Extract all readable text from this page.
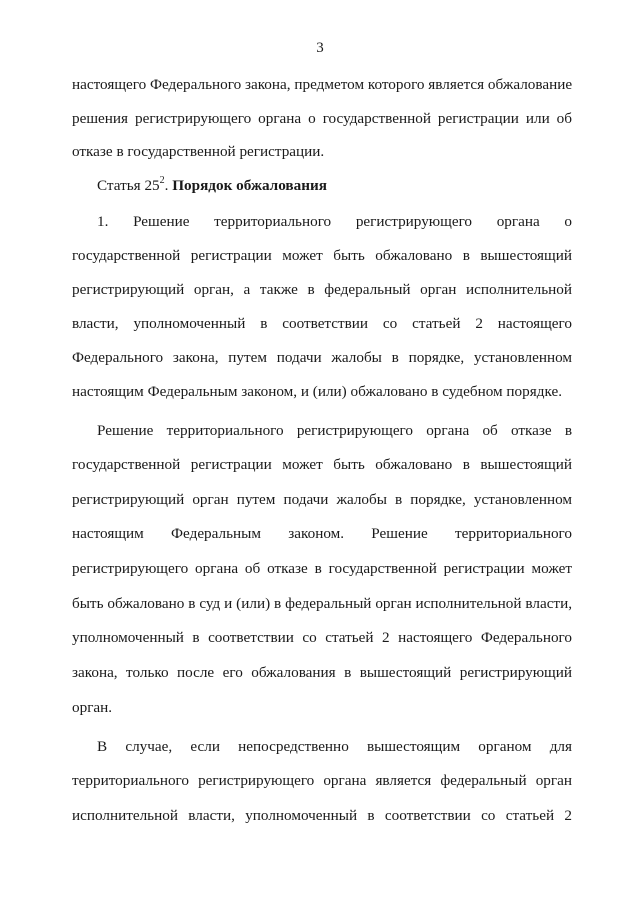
3
настоящего Федерального закона, предметом которого является обжалование
решения регистрирующего органа о государственной регистрации или об
отказе в государственной регистрации.
Статья $25^2$. Порядок обжалования
1. Решение территориального регистрирующего органа о
государственной регистрации может быть обжаловано в вышестоящий
регистрирующий орган, а также в федеральный орган исполнительной
власти, уполномоченный в соответствии со статьей 2 настоящего
Федерального закона, путем подачи жалобы в порядке, установленном
настоящим Федеральным законом, и (или) обжаловано в судебном порядке.
Решение территориального регистрирующего органа об отказе в
государственной регистрации может быть обжаловано в вышестоящий
регистрирующий орган путем подачи жалобы в порядке, установленном
настоящим Федеральным законом. Решение территориального
регистрирующего органа об отказе в государственной регистрации может
быть обжаловано в суд и (или) в федеральный орган исполнительной власти,
уполномоченный в соответствии со статьей 2 настоящего Федерального
закона, только после его обжалования в вышестоящий регистрирующий
орган.
В случае, если непосредственно вышестоящим органом для
территориального регистрирующего органа является федеральный орган
исполнительной власти, уполномоченный в соответствии со статьей 2
